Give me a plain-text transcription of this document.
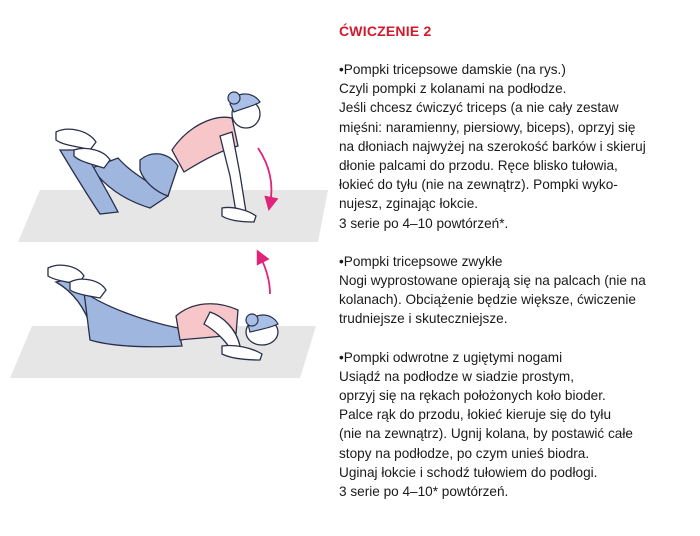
ĆWICZENIE 2

•Pompki tricepsowe damskie (na rys.)
Czyli pompki z kolanami na podłodze.
Jeśli chcesz ćwiczyć triceps (a nie cały zestaw
mięśni: naramienny, piersiowy, biceps), oprzyj się
na dłoniach najwyżej na szerokość barków i skieruj
dłonie palcami do przodu. Ręce blisko tułowia,
łokieć do tyłu (nie na zewnątrz). Pompki wyko-
nujesz, zginając łokcie.
3 serie po 4–10 powtórzeń*.

•Pompki tricepsowe zwykłe
Nogi wyprostowane opierają się na palcach (nie na
kolanach). Obciążenie będzie większe, ćwiczenie
trudniejsze i skuteczniejsze.

•Pompki odwrotne z ugiętymi nogami
Usiądź na podłodze w siadzie prostym,
oprzyj się na rękach położonych koło bioder.
Palce rąk do przodu, łokieć kieruje się do tyłu
(nie na zewnątrz). Ugnij kolana, by postawić całe
stopy na podłodze, po czym unieś biodra.
Uginaj łokcie i schodź tułowiem do podłogi.
3 serie po 4–10* powtórzeń.
